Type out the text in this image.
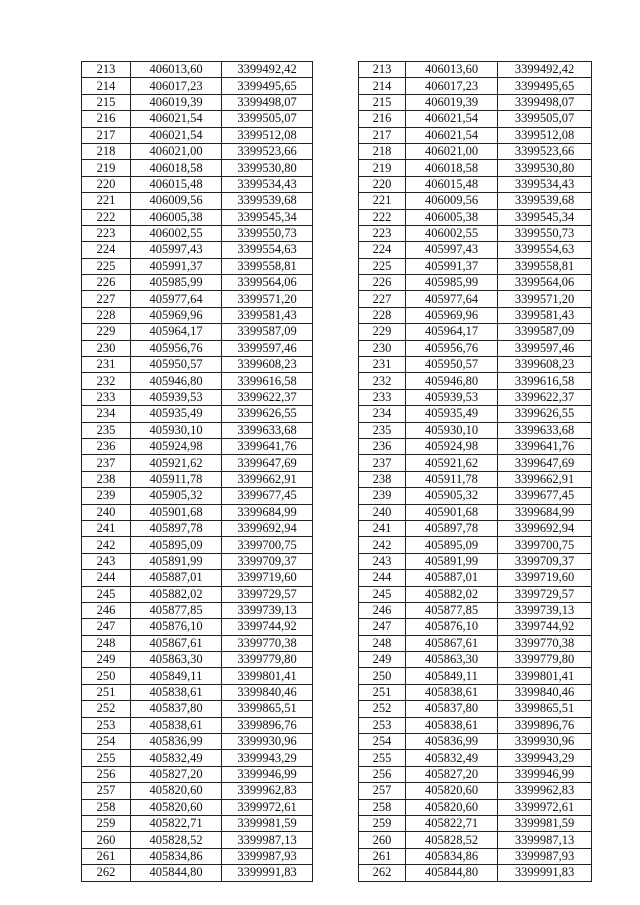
213	406013,60	3399492,42		213	406013,60	3399492,42
214	406017,23	3399495,65		214	406017,23	3399495,65
215	406019,39	3399498,07		215	406019,39	3399498,07
216	406021,54	3399505,07		216	406021,54	3399505,07
217	406021,54	3399512,08		217	406021,54	3399512,08
218	406021,00	3399523,66		218	406021,00	3399523,66
219	406018,58	3399530,80		219	406018,58	3399530,80
220	406015,48	3399534,43		220	406015,48	3399534,43
221	406009,56	3399539,68		221	406009,56	3399539,68
222	406005,38	3399545,34		222	406005,38	3399545,34
223	406002,55	3399550,73		223	406002,55	3399550,73
224	405997,43	3399554,63		224	405997,43	3399554,63
225	405991,37	3399558,81		225	405991,37	3399558,81
226	405985,99	3399564,06		226	405985,99	3399564,06
227	405977,64	3399571,20		227	405977,64	3399571,20
228	405969,96	3399581,43		228	405969,96	3399581,43
229	405964,17	3399587,09		229	405964,17	3399587,09
230	405956,76	3399597,46		230	405956,76	3399597,46
231	405950,57	3399608,23		231	405950,57	3399608,23
232	405946,80	3399616,58		232	405946,80	3399616,58
233	405939,53	3399622,37		233	405939,53	3399622,37
234	405935,49	3399626,55		234	405935,49	3399626,55
235	405930,10	3399633,68		235	405930,10	3399633,68
236	405924,98	3399641,76		236	405924,98	3399641,76
237	405921,62	3399647,69		237	405921,62	3399647,69
238	405911,78	3399662,91		238	405911,78	3399662,91
239	405905,32	3399677,45		239	405905,32	3399677,45
240	405901,68	3399684,99		240	405901,68	3399684,99
241	405897,78	3399692,94		241	405897,78	3399692,94
242	405895,09	3399700,75		242	405895,09	3399700,75
243	405891,99	3399709,37		243	405891,99	3399709,37
244	405887,01	3399719,60		244	405887,01	3399719,60
245	405882,02	3399729,57		245	405882,02	3399729,57
246	405877,85	3399739,13		246	405877,85	3399739,13
247	405876,10	3399744,92		247	405876,10	3399744,92
248	405867,61	3399770,38		248	405867,61	3399770,38
249	405863,30	3399779,80		249	405863,30	3399779,80
250	405849,11	3399801,41		250	405849,11	3399801,41
251	405838,61	3399840,46		251	405838,61	3399840,46
252	405837,80	3399865,51		252	405837,80	3399865,51
253	405838,61	3399896,76		253	405838,61	3399896,76
254	405836,99	3399930,96		254	405836,99	3399930,96
255	405832,49	3399943,29		255	405832,49	3399943,29
256	405827,20	3399946,99		256	405827,20	3399946,99
257	405820,60	3399962,83		257	405820,60	3399962,83
258	405820,60	3399972,61		258	405820,60	3399972,61
259	405822,71	3399981,59		259	405822,71	3399981,59
260	405828,52	3399987,13		260	405828,52	3399987,13
261	405834,86	3399987,93		261	405834,86	3399987,93
262	405844,80	3399991,83		262	405844,80	3399991,83
